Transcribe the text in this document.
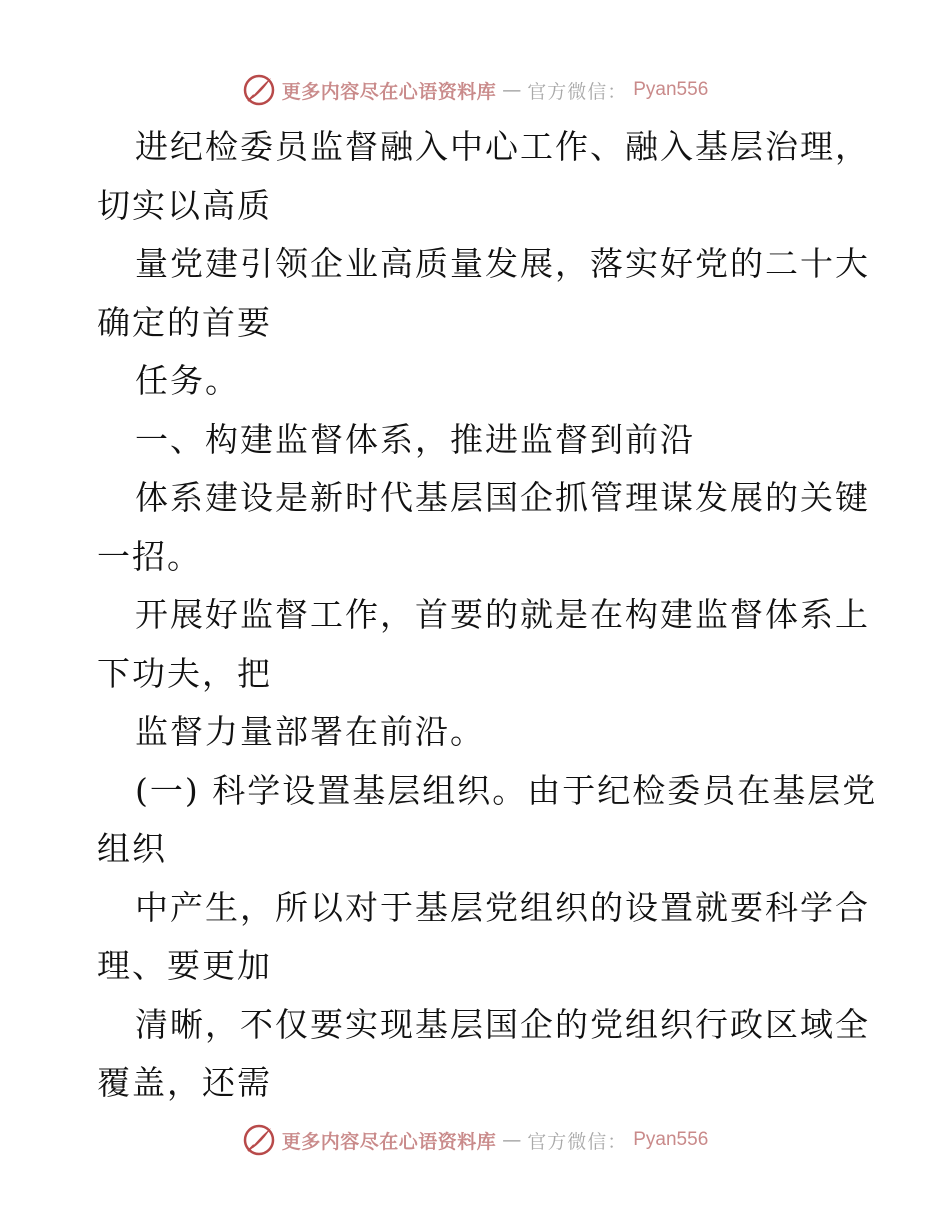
更多内容尽在心语资料库 — 官方微信： Pyan556
进纪检委员监督融入中心工作、融入基层治理，
切实以高质
量党建引领企业高质量发展，落实好党的二十大
确定的首要
任务。
一、构建监督体系，推进监督到前沿
体系建设是新时代基层国企抓管理谋发展的关键
一招。
开展好监督工作，首要的就是在构建监督体系上
下功夫，把
监督力量部署在前沿。
(一) 科学设置基层组织。由于纪检委员在基层党
组织
中产生，所以对于基层党组织的设置就要科学合
理、要更加
清晰，不仅要实现基层国企的党组织行政区域全
覆盖，还需
更多内容尽在心语资料库 — 官方微信： Pyan556
